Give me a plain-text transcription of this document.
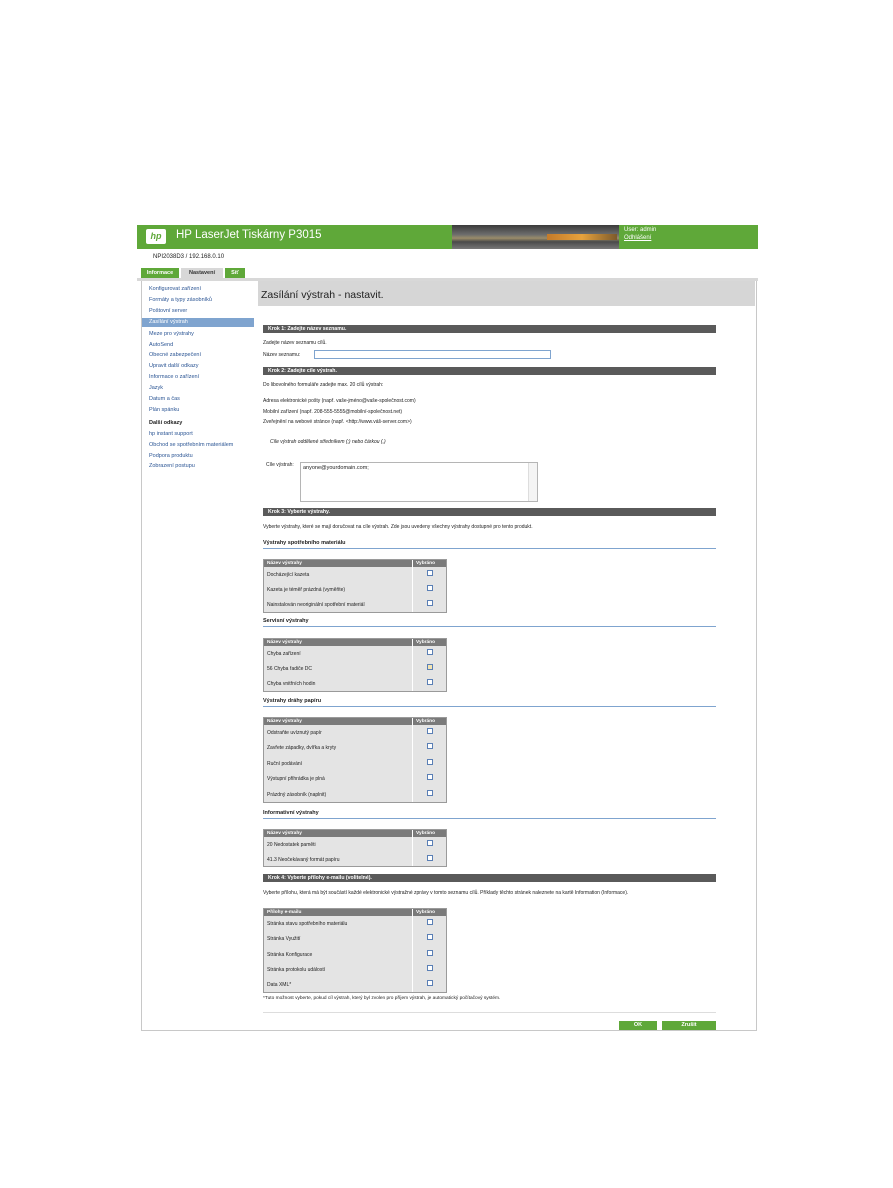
hp	HP LaserJet Tiskárny P3015	User: admin
Odhlášení
NPI2038D3 / 192.168.0.10
Informace	Nastavení	Síť
Konfigurovat zařízení
Formáty a typy zásobníků
Poštovní server
Zasílání výstrah
Meze pro výstrahy
AutoSend
Obecné zabezpečení
Upravit další odkazy
Informace o zařízení
Jazyk
Datum a čas
Plán spánku
Další odkazy
hp instant support
Obchod se spotřebním materiálem
Podpora produktu
Zobrazení postupu
Zasílání výstrah - nastavit.
Krok 1: Zadejte název seznamu.
Zadejte název seznamu cílů.
Název seznamu:
Krok 2: Zadejte cíle výstrah.
Do libovolného formuláře zadejte max. 20 cílů výstrah:
Adresa elektronické pošty (např. vaše-jméno@vaše-společnost.com)
Mobilní zařízení (např. 208-555-5555@mobilní-společnost.net)
Zveřejnění na webové stránce (např. <http://www.váš-server.com>)
Cíle výstrah oddělené středníkem (;) nebo čárkou (,)
Cíle výstrah:	anyone@yourdomain.com;
Krok 3: Vyberte výstrahy.
Vyberte výstrahy, které se mají doručovat na cíle výstrah. Zde jsou uvedeny všechny výstrahy dostupné pro tento produkt.
Výstrahy spotřebního materiálu
Název výstrahy	Vybráno
Docházející kazeta
Kazeta je téměř prázdná (vyměňte)
Nainstalován neoriginální spotřební materiál
Servisní výstrahy
Název výstrahy	Vybráno
Chyba zařízení
56 Chyba řadiče DC
Chyba vnitřních hodin
Výstrahy dráhy papíru
Název výstrahy	Vybráno
Odstraňte uvíznutý papír
Zavřete západky, dvířka a kryty
Ruční podávání
Výstupní přihrádka je plná
Prázdný zásobník (naplnit)
Informativní výstrahy
Název výstrahy	Vybráno
20 Nedostatek paměti
41.3 Neočekávaný formát papíru
Krok 4: Vyberte přílohy e-mailu (volitelné).
Vyberte přílohu, která má být součástí každé elektronické výstražné zprávy v tomto seznamu cílů. Příklady těchto stránek naleznete na kartě Information (Informace).
Přílohy e-mailu	Vybráno
Stránka stavu spotřebního materiálu
Stránka Využití
Stránka Konfigurace
Stránka protokolu událostí
Data XML*
*Tuto možnost vyberte, pokud cíl výstrah, který byl zvolen pro příjem výstrah, je automatický počítačový systém.
OK	Zrušit
